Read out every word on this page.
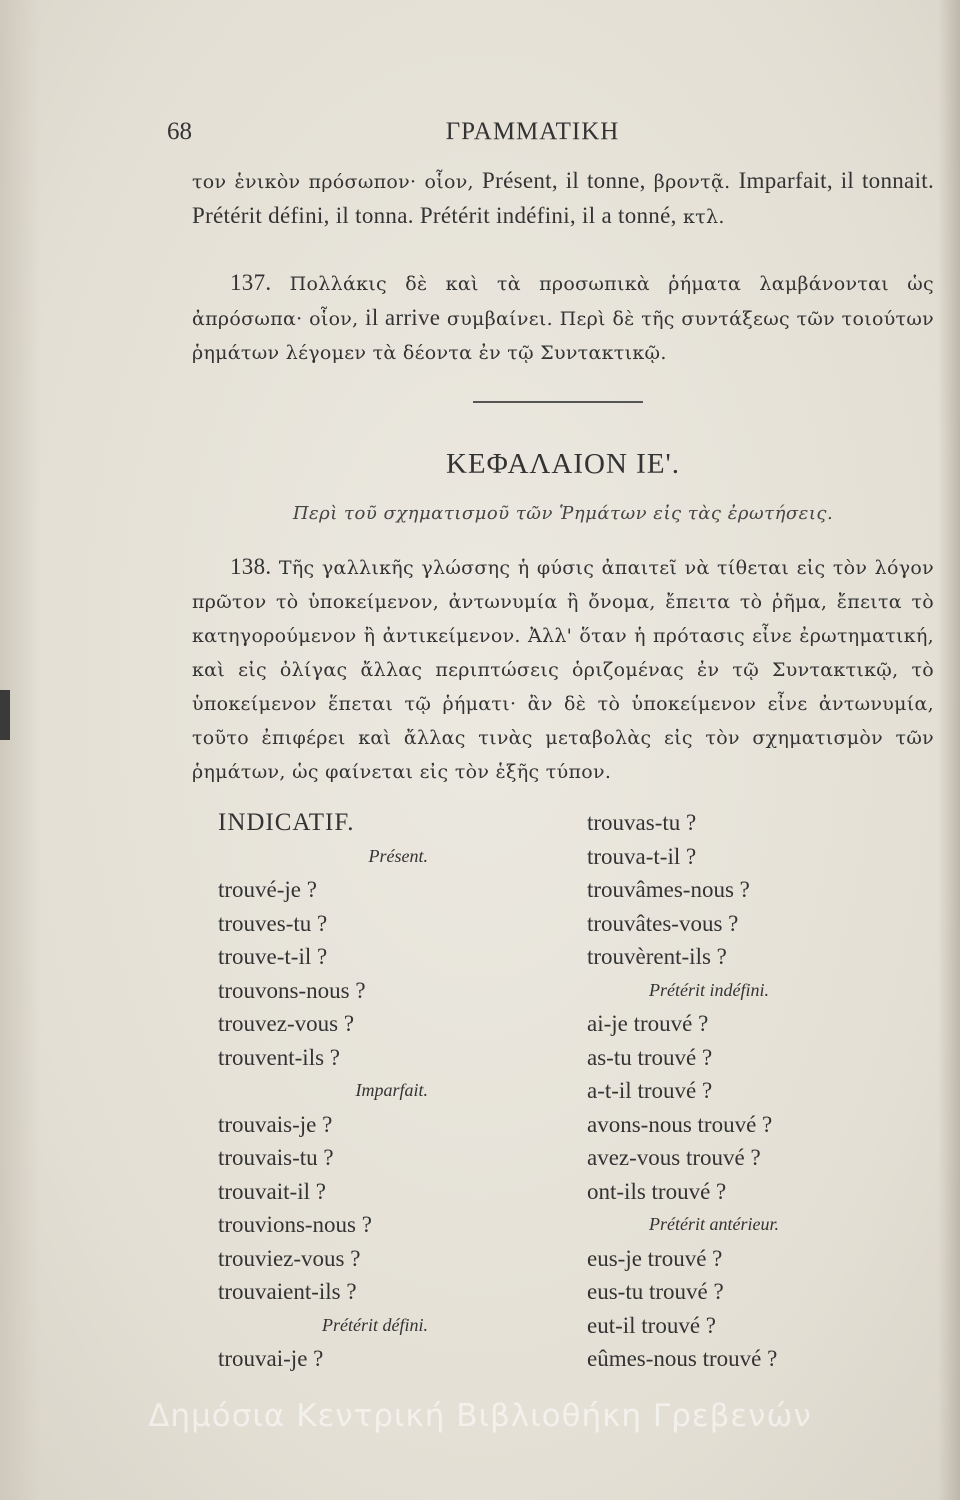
68	ΓΡΑΜΜΑΤΙΚΗ
τον ἑνικὸν πρόσωπον· οἷον, Présent, il tonne, βροντᾷ. Imparfait, il tonnait. Prétérit défini, il tonna. Prétérit indéfini, il a tonné, κτλ.
137. Πολλάκις δὲ καὶ τὰ προσωπικὰ ῥήματα λαμβάνονται ὡς ἀπρόσωπα· οἷον, il arrive συμβαίνει. Περὶ δὲ τῆς συντάξεως τῶν τοιούτων ῥημάτων λέγομεν τὰ δέοντα ἐν τῷ Συντακτικῷ.
ΚΕΦΑΛΑΙΟΝ ΙΕ'.
Περὶ τοῦ σχηματισμοῦ τῶν Ῥημάτων εἰς τὰς ἐρωτήσεις.
138. Τῆς γαλλικῆς γλώσσης ἡ φύσις ἀπαιτεῖ νὰ τίθεται εἰς τὸν λόγον πρῶτον τὸ ὑποκείμενον, ἀντωνυμία ἢ ὄνομα, ἔπειτα τὸ ῥῆμα, ἔπειτα τὸ κατηγορούμενον ἢ ἀντικείμενον. Ἀλλ' ὅταν ἡ πρότασις εἶνε ἐρωτηματική, καὶ εἰς ὀλίγας ἄλλας περιπτώσεις ὁριζομένας ἐν τῷ Συντακτικῷ, τὸ ὑποκείμενον ἕπεται τῷ ῥήματι· ἂν δὲ τὸ ὑποκείμενον εἶνε ἀντωνυμία, τοῦτο ἐπιφέρει καὶ ἄλλας τινὰς μεταβολὰς εἰς τὸν σχηματισμὸν τῶν ῥημάτων, ὡς φαίνεται εἰς τὸν ἑξῆς τύπον.
INDICATIF.
Présent.
trouvé-je ?
trouves-tu ?
trouve-t-il ?
trouvons-nous ?
trouvez-vous ?
trouvent-ils ?
Imparfait.
trouvais-je ?
trouvais-tu ?
trouvait-il ?
trouvions-nous ?
trouviez-vous ?
trouvaient-ils ?
Prétérit défini.
trouvai-je ?
trouvas-tu ?
trouva-t-il ?
trouvâmes-nous ?
trouvâtes-vous ?
trouvèrent-ils ?
Prétérit indéfini.
ai-je trouvé ?
as-tu trouvé ?
a-t-il trouvé ?
avons-nous trouvé ?
avez-vous trouvé ?
ont-ils trouvé ?
Prétérit antérieur.
eus-je trouvé ?
eus-tu trouvé ?
eut-il trouvé ?
eûmes-nous trouvé ?
Δημόσια Κεντρική Βιβλιοθήκη Γρεβενών
